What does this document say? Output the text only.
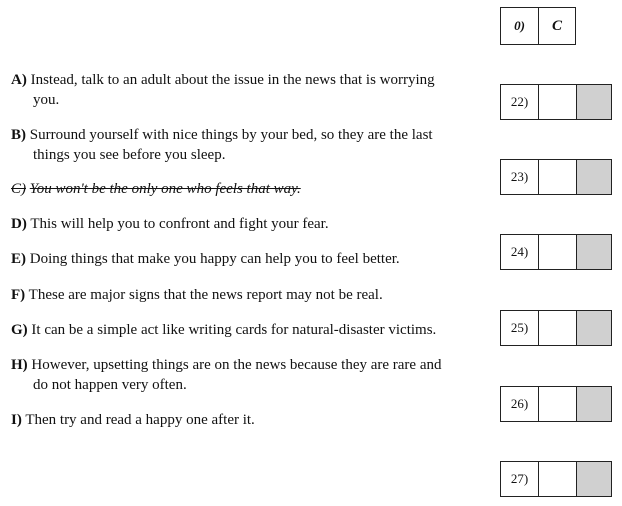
0)	C
A) Instead, talk to an adult about the issue in the news that is worrying
you.
B) Surround yourself with nice things by your bed, so they are the last
things you see before you sleep.
C) You won't be the only one who feels that way.
D) This will help you to confront and fight your fear.
E) Doing things that make you happy can help you to feel better.
F) These are major signs that the news report may not be real.
G) It can be a simple act like writing cards for natural-disaster victims.
H) However, upsetting things are on the news because they are rare and
do not happen very often.
I) Then try and read a happy one after it.
22)
23)
24)
25)
26)
27)
